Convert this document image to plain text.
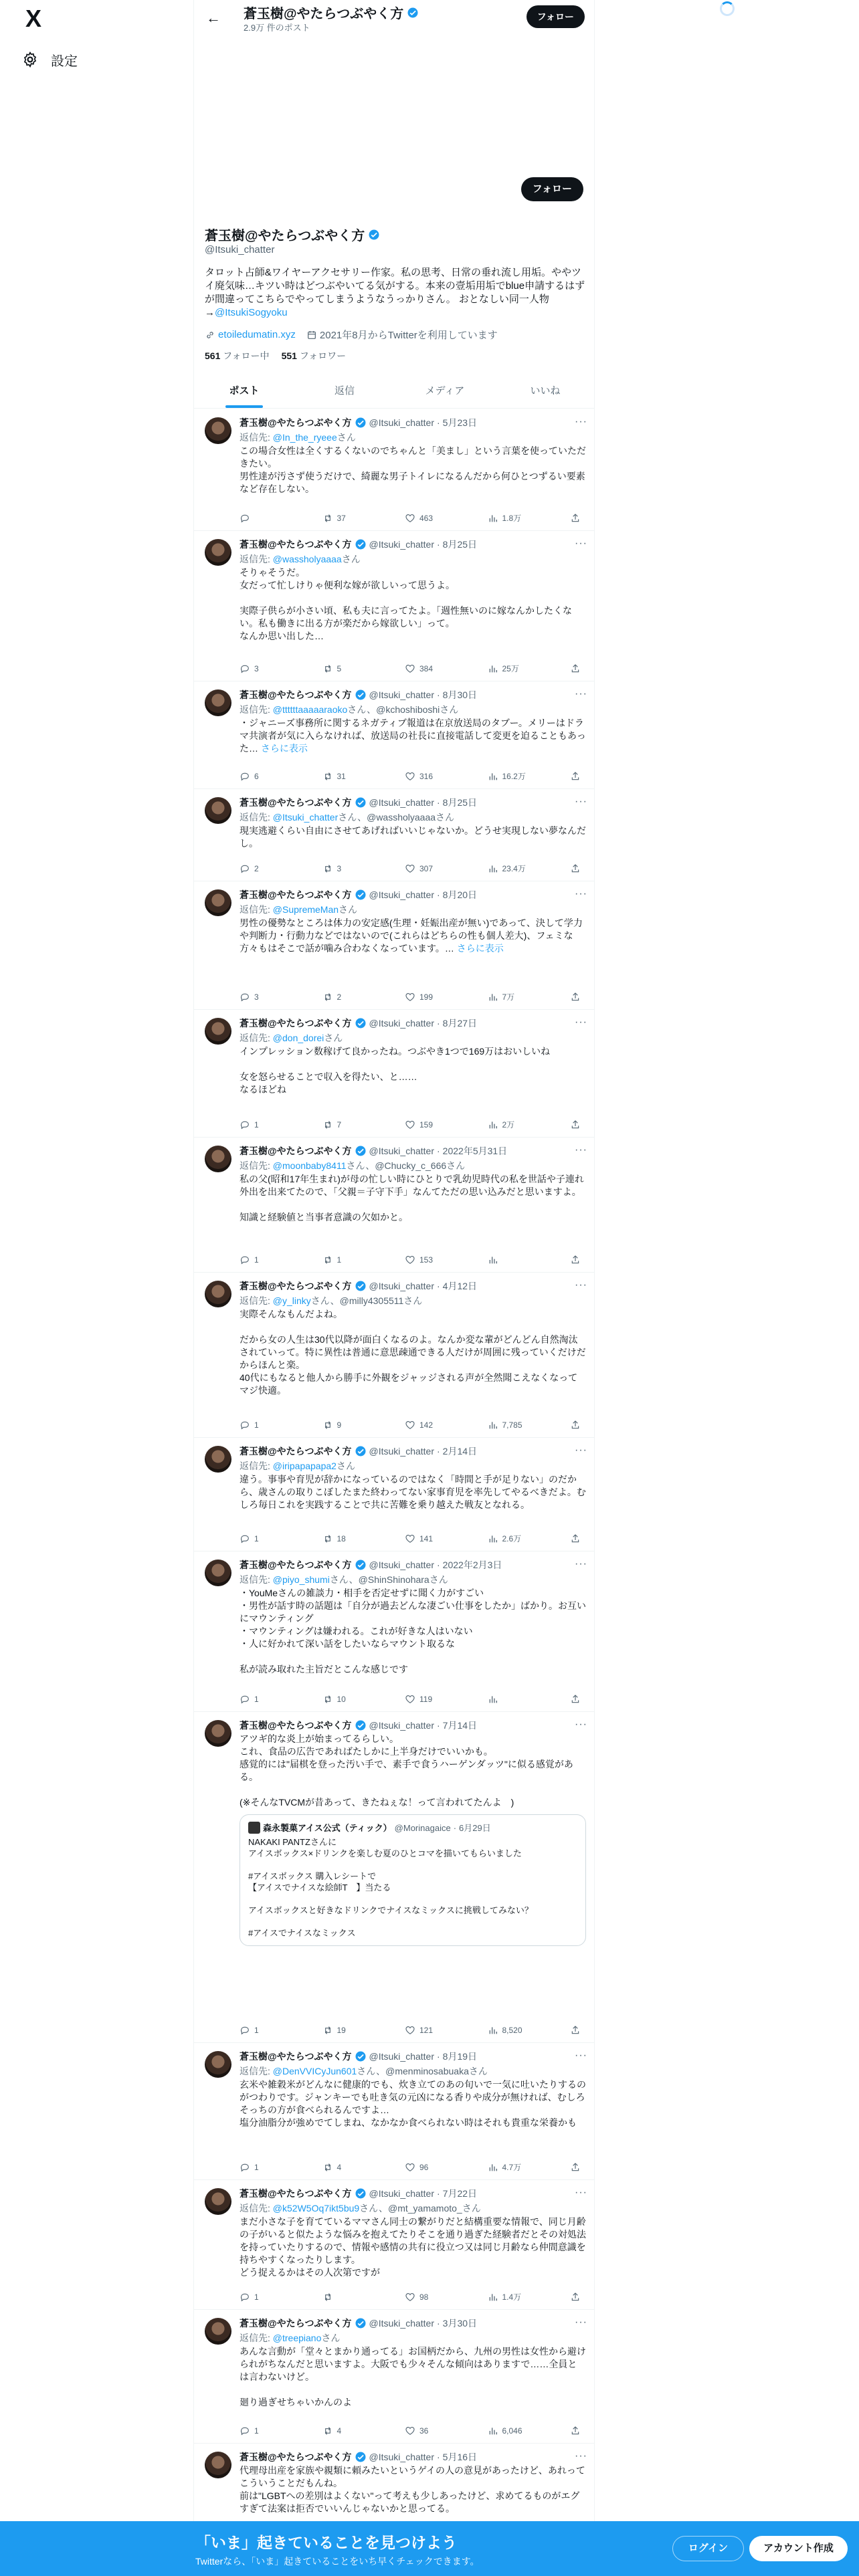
X
設定
← 蒼玉樹@やたらつぶやく方
2.9万 件のポスト
フォロー
フォロー
蒼玉樹@やたらつぶやく方
@Itsuki_chatter
タロット占師&ワイヤーアクセサリー作家。私の思考、日常の垂れ流し用垢。ややツイ廃気味…キツい時はどつぶやいてる気がする。本来の壹垢用垢でblue申請するはずが間違ってこちらでやってしまうようなうっかりさん。 おとなしい同一人物→@ItsukiSogyoku
etoiledumatin.xyz 2021年8月からTwitterを利用しています
561 フォロー中 551 フォロワー
ポスト	返信	メディア	いいね
···
蒼玉樹@やたらつぶやく方 @Itsuki_chatter · 5月23日
返信先: @In_the_ryeeeさん
この場合女性は全くするくないのでちゃんと「美まし」という言葉を使っていただきたい。
男性達が汚さず使うだけで、綺麗な男子トイレになるんだから何ひとつずるい要素など存在しない。
37	463	1.8万
···
蒼玉樹@やたらつぶやく方 @Itsuki_chatter · 8月25日
返信先: @wassholyaaaaさん
そりゃそうだ。
女だって忙しけりゃ便利な嫁が欲しいって思うよ。

実際子供らが小さい頃、私も夫に言ってたよ。「週性無いのに嫁なんかしたくない。私も働きに出る方が楽だから嫁欲しい」って。
なんか思い出した…
3	5	384	25万
···
蒼玉樹@やたらつぶやく方 @Itsuki_chatter · 8月30日
返信先: @ttttttaaaaaraokoさん、@kchoshiboshiさん
・ジャニーズ事務所に関するネガティブ報道は在京放送局のタブー。メリーはドラマ共演者が気に入らなければ、放送局の社長に直接電話して変更を迫ることもあった… さらに表示
6	31	316	16.2万
···
蒼玉樹@やたらつぶやく方 @Itsuki_chatter · 8月25日
返信先: @Itsuki_chatterさん、@wassholyaaaaさん
現実逃避くらい自由にさせてあげればいいじゃないか。どうせ実現しない夢なんだし。
2	3	307	23.4万
···
蒼玉樹@やたらつぶやく方 @Itsuki_chatter · 8月20日
返信先: @SupremeManさん
男性の優勢なところは体力の安定感(生理・妊娠出産が無い)であって、決して学力や判断力・行動力などではないので(これらはどちらの性も個人差大)、フェミな方々もはそこで話が噛み合わなくなっています。… さらに表示
3	2	199	7万
···
蒼玉樹@やたらつぶやく方 @Itsuki_chatter · 8月27日
返信先: @don_doreiさん
インプレッション数稼げて良かったね。つぶやき1つで169万はおいしいね

女を怒らせることで収入を得たい、と……
なるほどね
1	7	159	2万
···
蒼玉樹@やたらつぶやく方 @Itsuki_chatter · 2022年5月31日
返信先: @moonbaby8411さん、@Chucky_c_666さん
私の父(昭和17年生まれ)が母の忙しい時にひとりで乳幼児時代の私を世話や子連れ外出を出来てたので、「父親＝子守下手」なんてただの思い込みだと思いますよ。

知識と経験値と当事者意識の欠如かと。
1	1	153
···
蒼玉樹@やたらつぶやく方 @Itsuki_chatter · 4月12日
返信先: @y_linkyさん、@milly4305511さん
実際そんなもんだよね。

だから女の人生は30代以降が面白くなるのよ。なんか変な輩がどんどん自然淘汰されていって。特に異性は普通に意思疎通できる人だけが周囲に残っていくだけだからほんと楽。
40代にもなると他人から勝手に外観をジャッジされる声が全然聞こえなくなってマジ快適。
1	9	142	7,785
···
蒼玉樹@やたらつぶやく方 @Itsuki_chatter · 2月14日
返信先: @iripapapapa2さん
違う。事事や育児が辞かになっているのではなく「時間と手が足りない」のだから、歳さんの取りこぼしたまた終わってない家事育児を率先してやるべきだよ。むしろ毎日これを実践することで共に苦難を乗り越えた戦友となれる。
1	18	141	2.6万
···
蒼玉樹@やたらつぶやく方 @Itsuki_chatter · 2022年2月3日
返信先: @piyo_shumiさん、@ShinShinoharaさん
・YouMeさんの雑談力・相手を否定せずに聞く力がすごい
・男性が話す時の話題は「自分が過去どんな凄ごい仕事をしたか」ばかり。お互いにマウンティング
・マウンティングは嫌われる。これが好きな人はいない
・人に好かれて深い話をしたいならマウント取るな

私が読み取れた主旨だとこんな感じです
1	10	119
···
蒼玉樹@やたらつぶやく方 @Itsuki_chatter · 7月14日
アツギ的な炎上が始まってるらしい。
これ、食品の広告であればたしかに上半身だけでいいかも。
感覚的には"届棋を登った汚い手で、素手で食うハーゲンダッツ"に似る感覚がある。

(※そんなTVCMが昔あって、きたねぇな！って言われてたんよ　)
森永製菓アイス公式（ティック） @Morinagaice · 6月29日
NAKAKI PANTZさんに
アイスボックス×ドリンクを楽しむ夏のひとコマを描いてもらいました

#アイスボックス 購入レシートで
【アイスでナイスな絵師T　】当たる

アイスボックスと好きなドリンクでナイスなミックスに挑戦してみない？

#アイスでナイスなミックス
1	19	121	8,520
···
蒼玉樹@やたらつぶやく方 @Itsuki_chatter · 8月19日
返信先: @DenVVICyJun601さん、@menminosabuakaさん
玄米や雑穀米がどんなに健康的でも、炊き立てのあの旬いで一気に吐いたりするのがつわりです。ジャンキーでも吐き気の元凶になる香りや成分が無ければ、むしろそっちの方が食べられるんですよ…
塩分油脂分が強めでてしまね、なかなか食べられない時はそれも貴重な栄養かも
1	4	96	4.7万
···
蒼玉樹@やたらつぶやく方 @Itsuki_chatter · 7月22日
返信先: @k52W5Oq7ikt5bu9さん、@mt_yamamoto_さん
まだ小さな子を育てているママさん同士の繋がりだと結構重要な情報で、同じ月齢の子がいると似たような悩みを抱えてたりそこを通り過ぎた経験者だとその対処法を持っていたりするので、情報や感情の共有に役立つ又は同じ月齢なら仲間意識を持ちやすくなったりします。
どう捉えるかはその人次第ですが
1	98	1.4万
···
蒼玉樹@やたらつぶやく方 @Itsuki_chatter · 3月30日
返信先: @treepianoさん
あんな言動が「堂々とまかり通ってる」お国柄だから、九州の男性は女性から避けられがちなんだと思いますよ。大阪でも少々そんな傾向はありますで……全員とは言わないけど。

廻り過ぎせちゃいかんのよ
1	4	36	6,046
···
蒼玉樹@やたらつぶやく方 @Itsuki_chatter · 5月16日
代理母出産を家族や親類に頼みたいというゲイの人の意見があったけど、あれってこういうことだもんね。
前は"LGBTへの差別はよくない"って考えも少しあったけど、求めてるものがエグすぎて法案は拒否でいいんじゃないかと思ってる。
「いま」起きていることを見つけよう
Twitterなら、「いま」起きていることをいち早くチェックできます。
ログイン	アカウント作成
